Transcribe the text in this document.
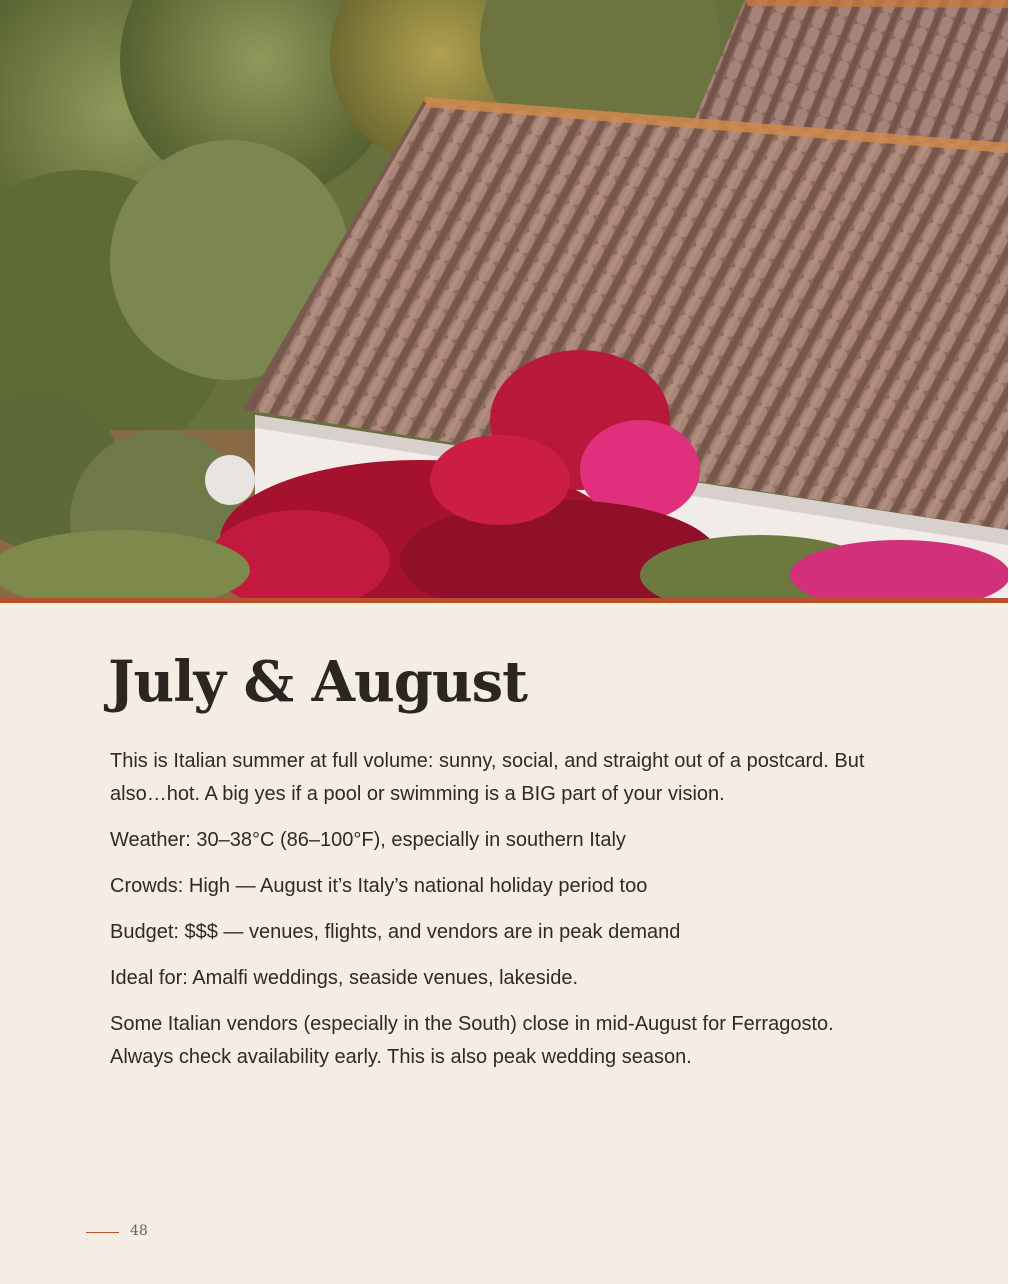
July & August

This is Italian summer at full volume: sunny, social, and straight out of a postcard. But also…hot. A big yes if a pool or swimming is a BIG part of your vision.

Weather: 30–38°C (86–100°F), especially in southern Italy

Crowds: High — August it’s Italy’s national holiday period too

Budget: $$$ — venues, flights, and vendors are in peak demand

Ideal for: Amalfi weddings, seaside venues, lakeside.

Some Italian vendors (especially in the South) close in mid-August for Ferragosto. Always check availability early. This is also peak wedding season.

48
